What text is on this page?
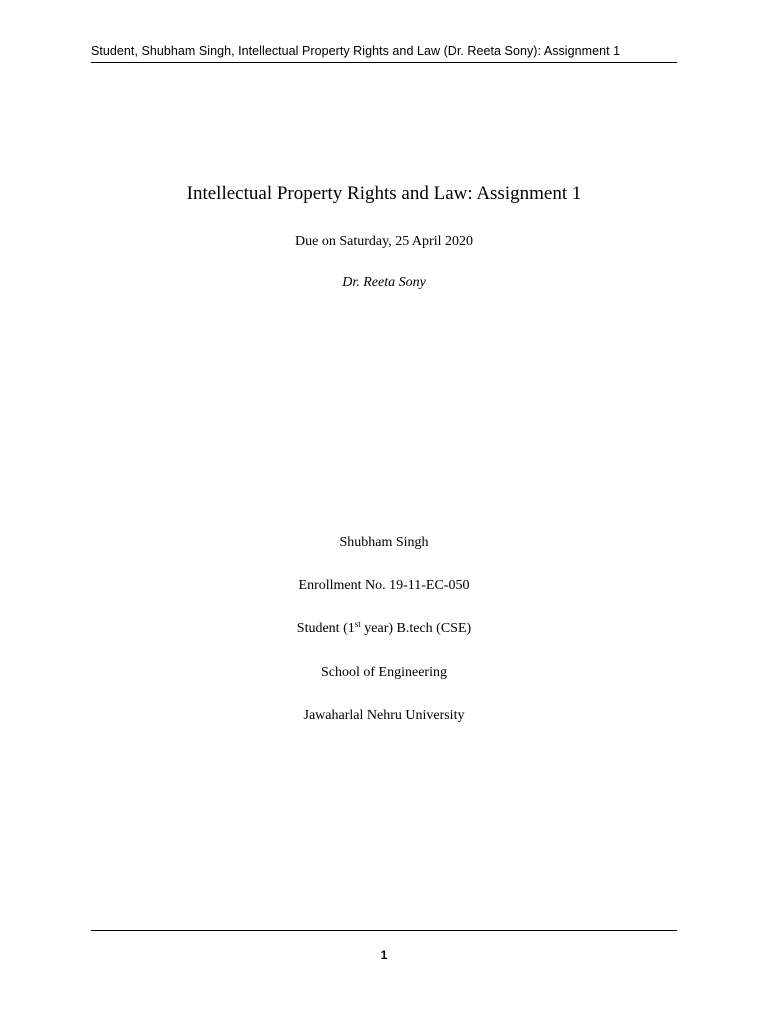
Student, Shubham Singh, Intellectual Property Rights and Law (Dr. Reeta Sony): Assignment 1
Intellectual Property Rights and Law: Assignment 1
Due on Saturday, 25 April 2020
Dr. Reeta Sony
Shubham Singh
Enrollment No. 19-11-EC-050
Student (1st year) B.tech (CSE)
School of Engineering
Jawaharlal Nehru University
1
